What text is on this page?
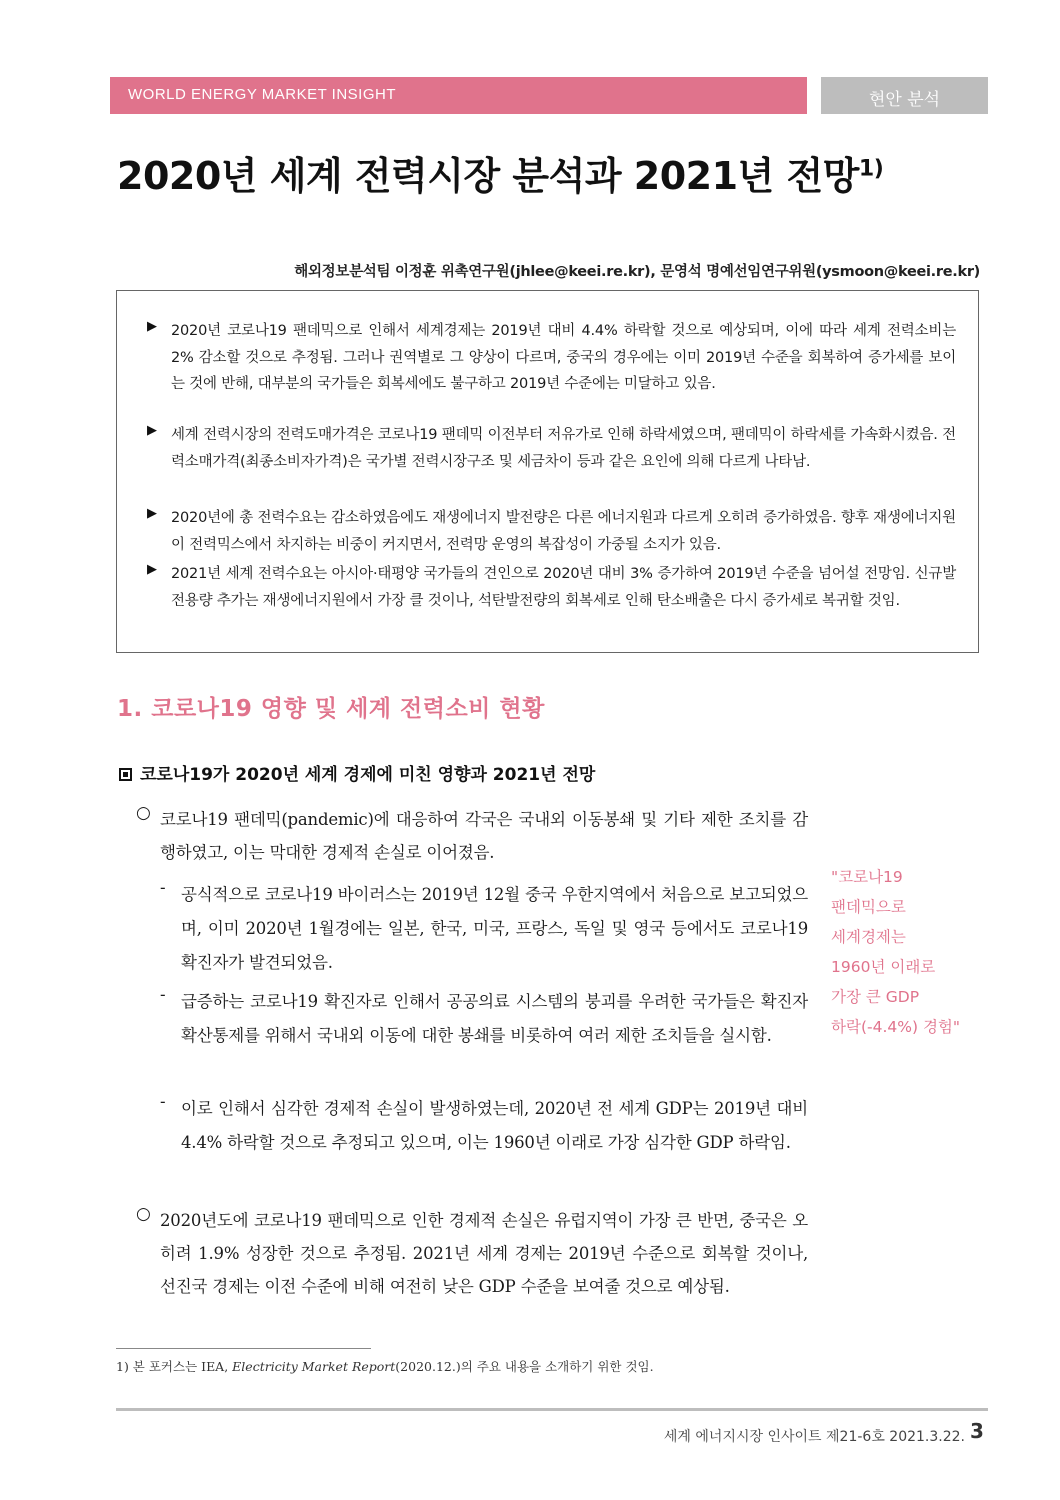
WORLD ENERGY MARKET INSIGHT	현안 분석
2020년 세계 전력시장 분석과 2021년 전망$^{1)}$
해외정보분석팀 이정훈 위촉연구원(jhlee@keei.re.kr), 문영석 명예선임연구위원(ysmoon@keei.re.kr)
▶ 2020년 코로나19 팬데믹으로 인해서 세계경제는 2019년 대비 4.4% 하락할 것으로 예상되며, 이에 따라 세계 전력소비는 2% 감소할 것으로 추정됨. 그러나 권역별로 그 양상이 다르며, 중국의 경우에는 이미 2019년 수준을 회복하여 증가세를 보이는 것에 반해, 대부분의 국가들은 회복세에도 불구하고 2019년 수준에는 미달하고 있음.
▶ 세계 전력시장의 전력도매가격은 코로나19 팬데믹 이전부터 저유가로 인해 하락세였으며, 팬데믹이 하락세를 가속화시켰음. 전력소매가격(최종소비자가격)은 국가별 전력시장구조 및 세금차이 등과 같은 요인에 의해 다르게 나타남.
▶ 2020년에 총 전력수요는 감소하였음에도 재생에너지 발전량은 다른 에너지원과 다르게 오히려 증가하였음. 향후 재생에너지원이 전력믹스에서 차지하는 비중이 커지면서, 전력망 운영의 복잡성이 가중될 소지가 있음.
▶ 2021년 세계 전력수요는 아시아·태평양 국가들의 견인으로 2020년 대비 3% 증가하여 2019년 수준을 넘어설 전망임. 신규발전용량 추가는 재생에너지원에서 가장 클 것이나, 석탄발전량의 회복세로 인해 탄소배출은 다시 증가세로 복귀할 것임.
1. 코로나19 영향 및 세계 전력소비 현황
코로나19가 2020년 세계 경제에 미친 영향과 2021년 전망
○ 코로나19 팬데믹(pandemic)에 대응하여 각국은 국내외 이동봉쇄 및 기타 제한 조치를 감행하였고, 이는 막대한 경제적 손실로 이어졌음.
- 공식적으로 코로나19 바이러스는 2019년 12월 중국 우한지역에서 처음으로 보고되었으며, 이미 2020년 1월경에는 일본, 한국, 미국, 프랑스, 독일 및 영국 등에서도 코로나19 확진자가 발견되었음.
- 급증하는 코로나19 확진자로 인해서 공공의료 시스템의 붕괴를 우려한 국가들은 확진자 확산통제를 위해서 국내외 이동에 대한 봉쇄를 비롯하여 여러 제한 조치들을 실시함.
- 이로 인해서 심각한 경제적 손실이 발생하였는데, 2020년 전 세계 GDP는 2019년 대비 4.4% 하락할 것으로 추정되고 있으며, 이는 1960년 이래로 가장 심각한 GDP 하락임.
○ 2020년도에 코로나19 팬데믹으로 인한 경제적 손실은 유럽지역이 가장 큰 반면, 중국은 오히려 1.9% 성장한 것으로 추정됨. 2021년 세계 경제는 2019년 수준으로 회복할 것이나, 선진국 경제는 이전 수준에 비해 여전히 낮은 GDP 수준을 보여줄 것으로 예상됨.
"코로나19
팬데믹으로
세계경제는
1960년 이래로
가장 큰 GDP
하락(-4.4%) 경험"
1) 본 포커스는 IEA, Electricity Market Report(2020.12.)의 주요 내용을 소개하기 위한 것임.
세계 에너지시장 인사이트 제21-6호 2021.3.22. 3
